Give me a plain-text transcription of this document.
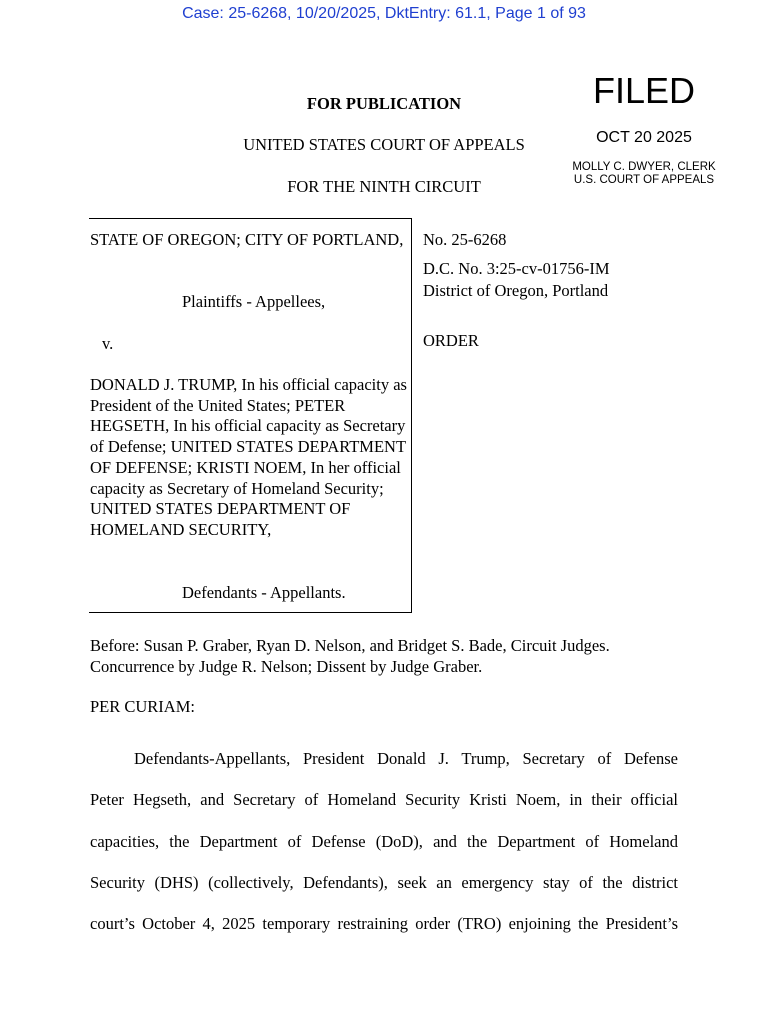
Case: 25-6268, 10/20/2025, DktEntry: 61.1, Page 1 of 93
FILED
OCT 20 2025
MOLLY C. DWYER, CLERK
U.S. COURT OF APPEALS
FOR PUBLICATION
UNITED STATES COURT OF APPEALS
FOR THE NINTH CIRCUIT
STATE OF OREGON; CITY OF PORTLAND,
Plaintiffs - Appellees,
v.
DONALD J. TRUMP, In his official capacity as President of the United States; PETER HEGSETH, In his official capacity as Secretary of Defense; UNITED STATES DEPARTMENT OF DEFENSE; KRISTI NOEM, In her official capacity as Secretary of Homeland Security; UNITED STATES DEPARTMENT OF HOMELAND SECURITY,
Defendants - Appellants.
No. 25-6268
D.C. No. 3:25-cv-01756-IM
District of Oregon, Portland
ORDER
Before: Susan P. Graber, Ryan D. Nelson, and Bridget S. Bade, Circuit Judges.
Concurrence by Judge R. Nelson; Dissent by Judge Graber.
PER CURIAM:
Defendants-Appellants, President Donald J. Trump, Secretary of Defense
Peter Hegseth, and Secretary of Homeland Security Kristi Noem, in their official
capacities, the Department of Defense (DoD), and the Department of Homeland
Security (DHS) (collectively, Defendants), seek an emergency stay of the district
court’s October 4, 2025 temporary restraining order (TRO) enjoining the President’s
